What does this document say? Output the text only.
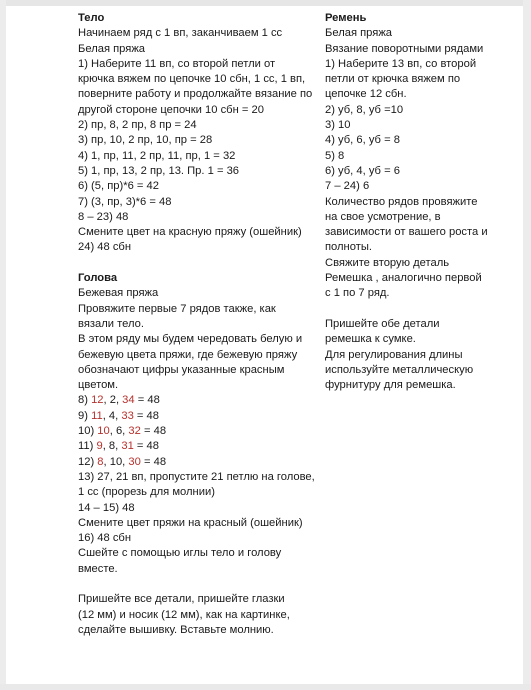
Тело
Начинаем ряд с 1 вп, заканчиваем 1 сс
Белая пряжа
1) Наберите 11 вп, со второй петли от
крючка вяжем по цепочке 10 сбн, 1 сс, 1 вп,
поверните работу и продолжайте вязание по
другой стороне цепочки 10 сбн = 20
2) пр, 8, 2 пр, 8 пр = 24
3) пр, 10, 2 пр, 10, пр = 28
4) 1, пр, 11, 2 пр, 11, пр, 1 = 32
5) 1, пр, 13, 2 пр, 13. Пр. 1 = 36
6) (5, пр)*6 = 42
7) (3, пр, 3)*6 = 48
8 – 23) 48
Смените цвет на красную пряжу (ошейник)
24) 48 сбн
Голова
Бежевая пряжа
Провяжите первые 7 рядов также, как
вязали тело.
В этом ряду мы будем чередовать белую и
бежевую цвета пряжи, где бежевую пряжу
обозначают цифры указанные красным
цветом.
8) 12, 2, 34 = 48
9) 11, 4, 33 = 48
10) 10, 6, 32 = 48
11) 9, 8, 31 = 48
12) 8, 10, 30 = 48
13) 27, 21 вп, пропустите 21 петлю на голове,
1 сс (прорезь для молнии)
14 – 15) 48
Смените цвет пряжи на красный (ошейник)
16) 48 сбн
Сшейте с помощью иглы тело и голову
вместе.
Пришейте все детали, пришейте глазки
(12 мм) и носик (12 мм), как на картинке,
сделайте вышивку. Вставьте молнию.
Ремень
Белая пряжа
Вязание поворотными рядами
1) Наберите 13 вп, со второй
петли от крючка вяжем по
цепочке 12 сбн.
2) уб, 8, уб =10
3) 10
4) уб, 6, уб = 8
5) 8
6) уб, 4, уб = 6
7 – 24) 6
Количество рядов провяжите
на свое усмотрение, в
зависимости от вашего роста и
полноты.
Свяжите вторую деталь
Ремешка , аналогично первой
с 1 по 7 ряд.
Пришейте обе детали
ремешка к сумке.
Для регулирования длины
используйте металлическую
фурнитуру для ремешка.
